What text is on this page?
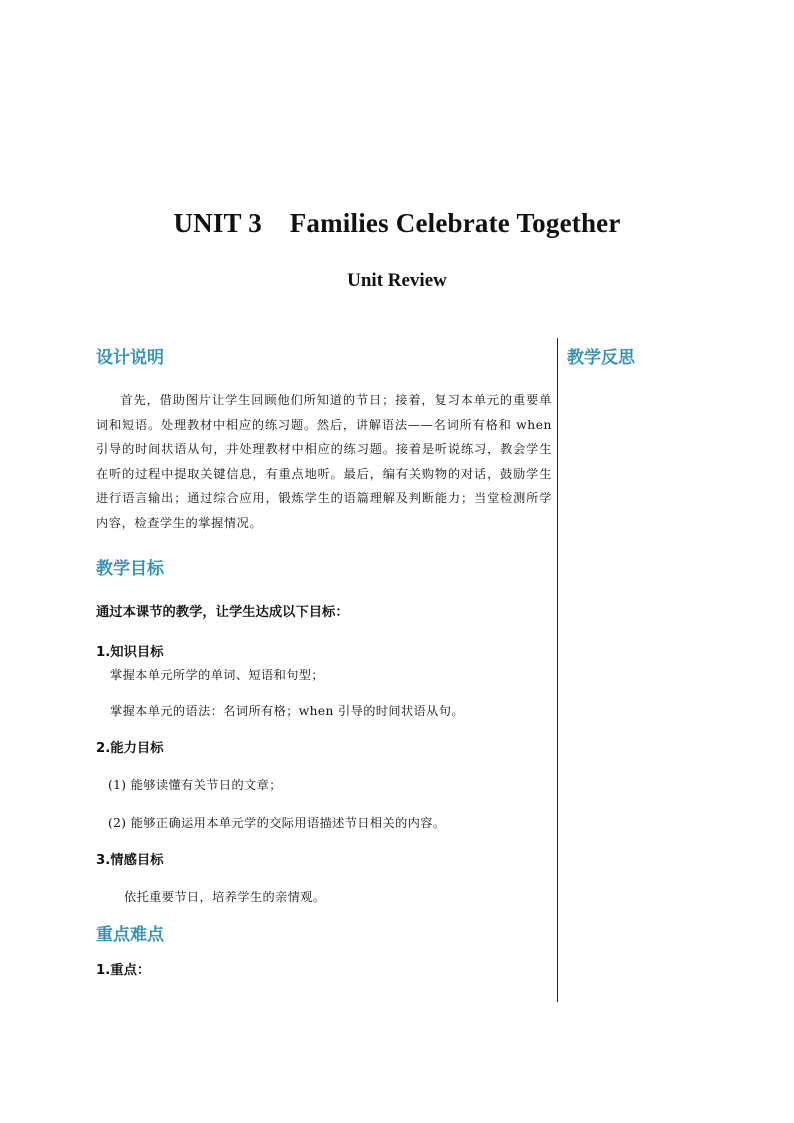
UNIT 3    Families Celebrate Together
Unit Review
设计说明
首先，借助图片让学生回顾他们所知道的节日；接着，复习本单元的重要单词和短语。处理教材中相应的练习题。然后，讲解语法——名词所有格和 when 引导的时间状语从句，并处理教材中相应的练习题。接着是听说练习，教会学生在听的过程中提取关键信息，有重点地听。最后，编有关购物的对话，鼓励学生进行语言输出；通过综合应用，锻炼学生的语篇理解及判断能力；当堂检测所学内容，检查学生的掌握情况。
教学目标
通过本课节的教学，让学生达成以下目标：
1.知识目标
掌握本单元所学的单词、短语和句型；
掌握本单元的语法：名词所有格；when 引导的时间状语从句。
2.能力目标
(1) 能够读懂有关节日的文章；
(2) 能够正确运用本单元学的交际用语描述节日相关的内容。
3.情感目标
依托重要节日，培养学生的亲情观。
重点难点
1.重点：
教学反思
